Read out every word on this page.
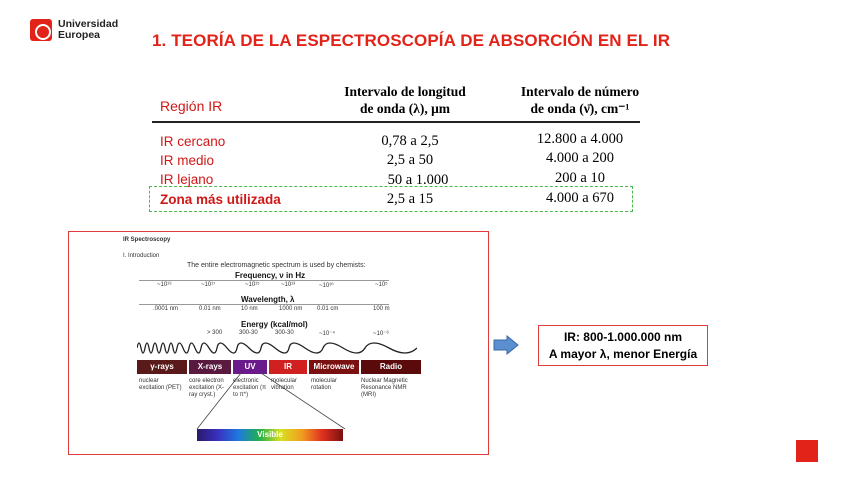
Universidad
Europea	1. TEORÍA DE LA ESPECTROSCOPÍA DE ABSORCIÓN EN EL IR
Región IR
Intervalo de longitud
de onda (λ), μm
Intervalo de número
de onda (ν̄), cm⁻¹
IR cercano	0,78 a 2,5	12.800 a 4.000
IR medio	2,5 a 50	4.000 a 200
IR lejano	50 a 1.000	200 a 10
Zona más utilizada	2,5 a 15	4.000 a 670
IR Spectroscopy
I. Introduction
The entire electromagnetic spectrum is used by chemists:
Frequency, ν in Hz
~10¹⁹	~10¹⁷	~10¹⁵	~10¹³	~10¹⁰	~10⁵
Wavelength, λ
.0001 nm	0.01 nm	10 nm	1000 nm 0.01 cm	100 m
Energy (kcal/mol)
> 300	300-30	300-30	~10⁻⁴	~10⁻⁶
γ-rays	X-rays	UV	IR	Microwave	Radio
nuclear excitation (PET)
core electron excitation (X-ray cryst.)
electronic excitation (π to π*)
molecular vibration
molecular rotation
Nuclear Magnetic Resonance NMR (MRI)
Visible
IR: 800-1.000.000 nm
A mayor λ, menor Energía
